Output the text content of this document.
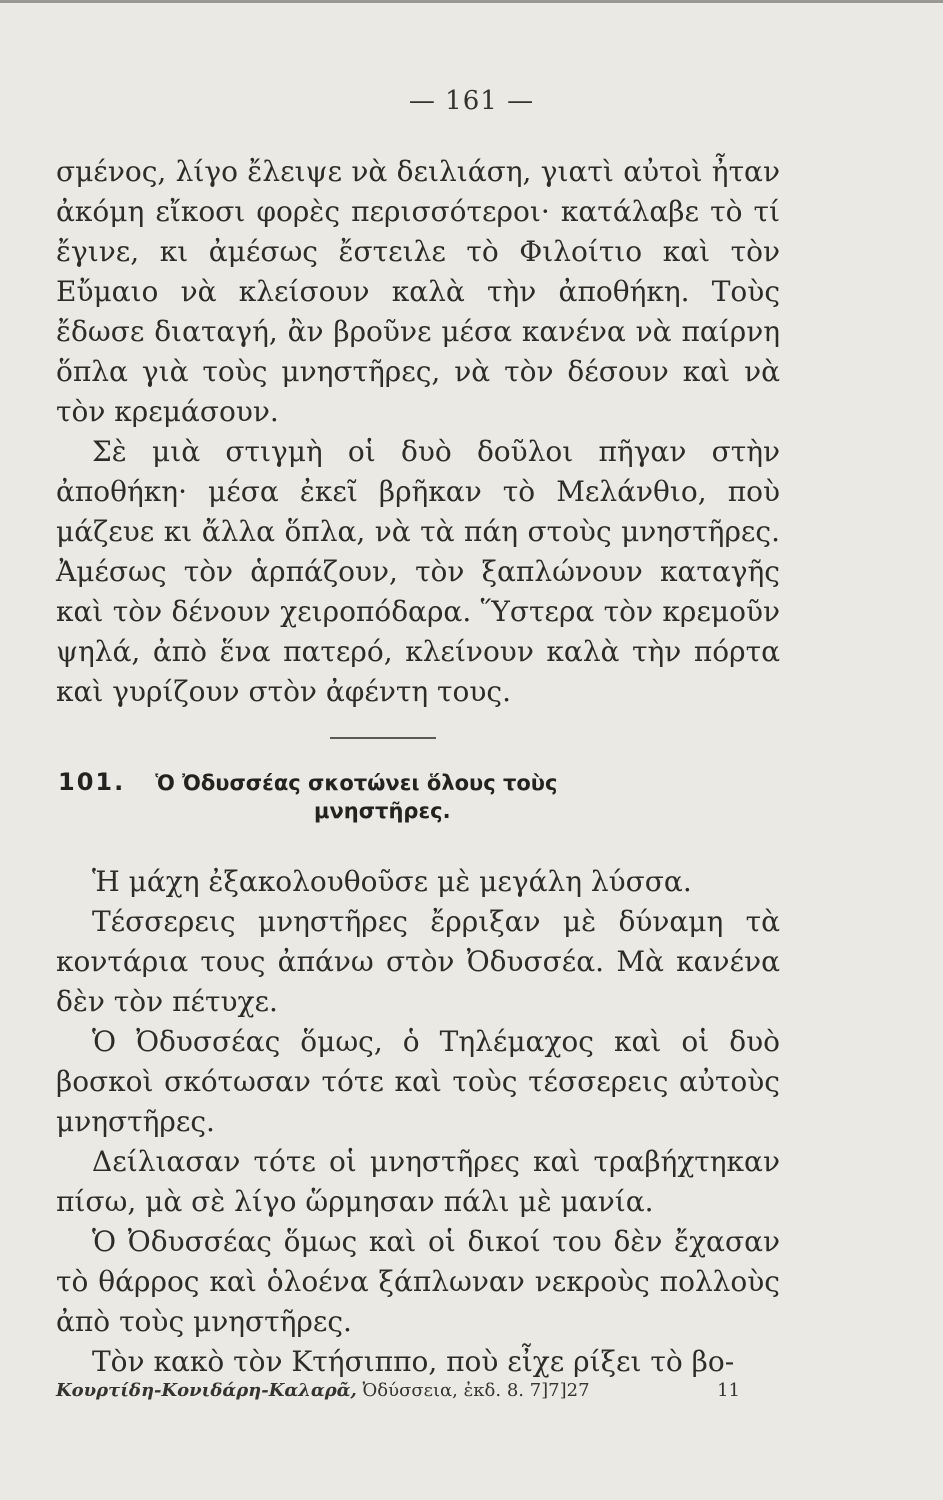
— 161 —

σμένος, λίγο ἔλειψε νὰ δειλιάση, γιατὶ αὐτοὶ ἦταν ἀκόμη εἴκοσι φορὲς περισσότεροι· κατάλαβε τὸ τί ἔγινε, κι ἀμέσως ἔστειλε τὸ Φιλοίτιο καὶ τὸν Εὔμαιο νὰ κλείσουν καλὰ τὴν ἀποθήκη. Τοὺς ἔδωσε διαταγή, ἂν βροῦνε μέσα κανένα νὰ παίρνη ὅπλα γιὰ τοὺς μνηστῆρες, νὰ τὸν δέσουν καὶ νὰ τὸν κρεμάσουν.

Σὲ μιὰ στιγμὴ οἱ δυὸ δοῦλοι πῆγαν στὴν ἀποθήκη· μέσα ἐκεῖ βρῆκαν τὸ Μελάνθιο, ποὺ μάζευε κι ἄλλα ὅπλα, νὰ τὰ πάη στοὺς μνηστῆρες. Ἀμέσως τὸν ἁρπάζουν, τὸν ξαπλώνουν καταγῆς καὶ τὸν δένουν χειροπόδαρα. Ὕστερα τὸν κρεμοῦν ψηλά, ἀπὸ ἕνα πατερό, κλείνουν καλὰ τὴν πόρτα καὶ γυρίζουν στὸν ἀφέντη τους.

101. Ὁ Ὀδυσσέας σκοτώνει ὅλους τοὺς
μνηστῆρες.

Ἡ μάχη ἐξακολουθοῦσε μὲ μεγάλη λύσσα.

Τέσσερεις μνηστῆρες ἔρριξαν μὲ δύναμη τὰ κοντάρια τους ἀπάνω στὸν Ὀδυσσέα. Μὰ κανένα δὲν τὸν πέτυχε.

Ὁ Ὀδυσσέας ὅμως, ὁ Τηλέμαχος καὶ οἱ δυὸ βοσκοὶ σκότωσαν τότε καὶ τοὺς τέσσερεις αὐτοὺς μνηστῆρες.

Δείλιασαν τότε οἱ μνηστῆρες καὶ τραβήχτηκαν πίσω, μὰ σὲ λίγο ὥρμησαν πάλι μὲ μανία.

Ὁ Ὀδυσσέας ὅμως καὶ οἱ δικοί του δὲν ἔχασαν τὸ θάρρος καὶ ὁλοένα ξάπλωναν νεκροὺς πολλοὺς ἀπὸ τοὺς μνηστῆρες.

Τὸν κακὸ τὸν Κτήσιππο, ποὺ εἶχε ρίξει τὸ βο-

Κουρτίδη-Κονιδάρη-Καλαρᾶ, Ὀδύσσεια, ἐκδ. 8. 7]7]27	11
